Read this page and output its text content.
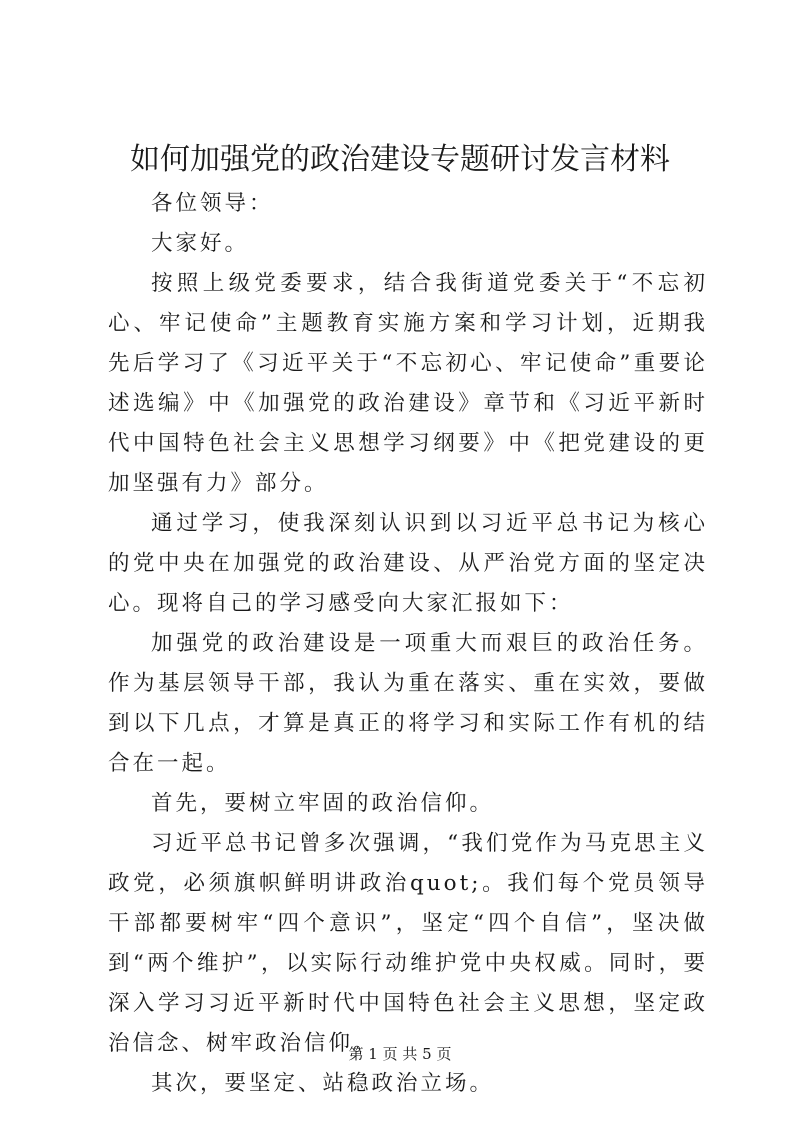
如何加强党的政治建设专题研讨发言材料

各位领导：

大家好。

按照上级党委要求，结合我街道党委关于“不忘初心、牢记使命”主题教育实施方案和学习计划，近期我先后学习了《习近平关于“不忘初心、牢记使命”重要论述选编》中《加强党的政治建设》章节和《习近平新时代中国特色社会主义思想学习纲要》中《把党建设的更加坚强有力》部分。

通过学习，使我深刻认识到以习近平总书记为核心的党中央在加强党的政治建设、从严治党方面的坚定决心。现将自己的学习感受向大家汇报如下：

加强党的政治建设是一项重大而艰巨的政治任务。作为基层领导干部，我认为重在落实、重在实效，要做到以下几点，才算是真正的将学习和实际工作有机的结合在一起。

首先，要树立牢固的政治信仰。

习近平总书记曾多次强调，“我们党作为马克思主义政党，必须旗帜鲜明讲政治quot;。我们每个党员领导干部都要树牢“四个意识”，坚定“四个自信”，坚决做到“两个维护”，以实际行动维护党中央权威。同时，要深入学习习近平新时代中国特色社会主义思想，坚定政治信念、树牢政治信仰。

其次，要坚定、站稳政治立场。

第 1 页 共 5 页
